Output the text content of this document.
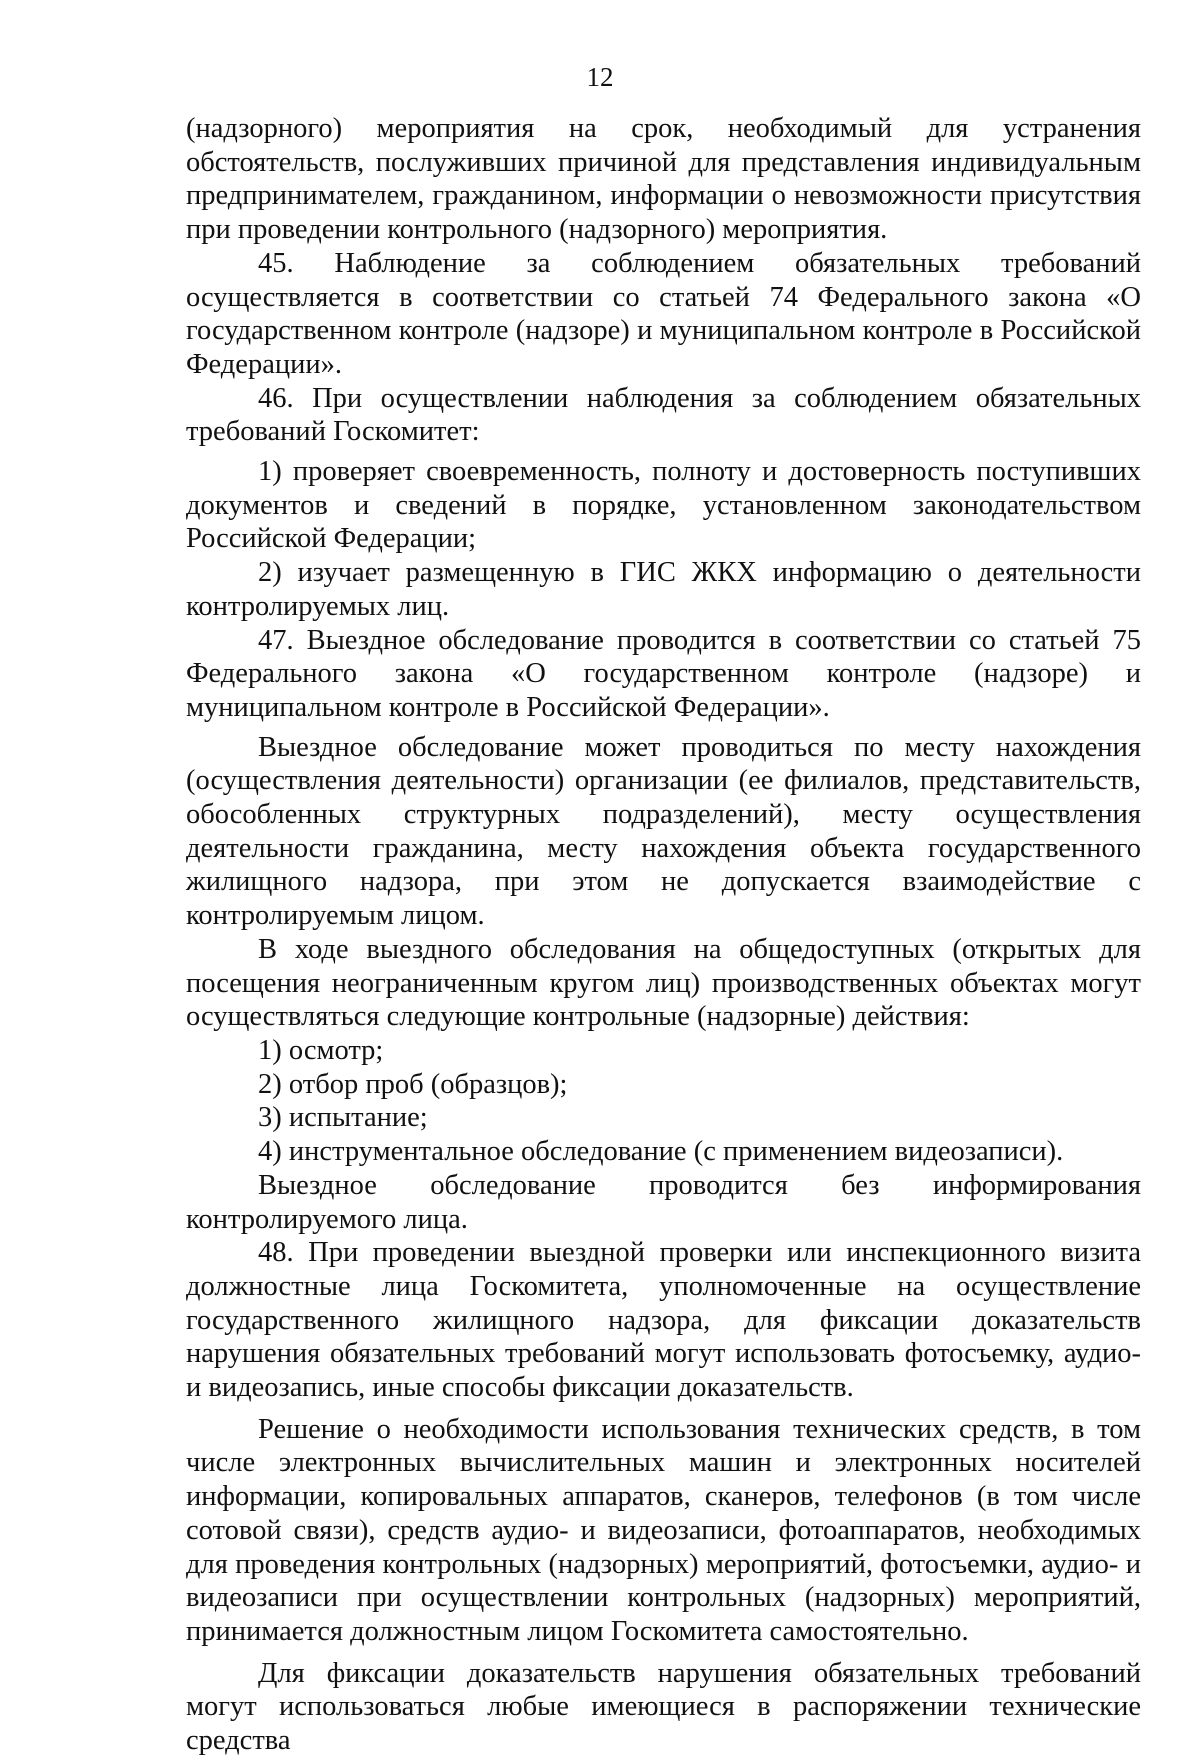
12

(надзорного) мероприятия на срок, необходимый для устранения обстоятельств, послуживших причиной для представления индивидуальным предпринимателем, гражданином, информации о невозможности присутствия при проведении контрольного (надзорного) мероприятия.

45. Наблюдение за соблюдением обязательных требований осуществляется в соответствии со статьей 74 Федерального закона «О государственном контроле (надзоре) и муниципальном контроле в Российской Федерации».

46. При осуществлении наблюдения за соблюдением обязательных требований Госкомитет:

1) проверяет своевременность, полноту и достоверность поступивших документов и сведений в порядке, установленном законодательством Российской Федерации;

2) изучает размещенную в ГИС ЖКХ информацию о деятельности контролируемых лиц.

47. Выездное обследование проводится в соответствии со статьей 75 Федерального закона «О государственном контроле (надзоре) и муниципальном контроле в Российской Федерации».

Выездное обследование может проводиться по месту нахождения (осуществления деятельности) организации (ее филиалов, представительств, обособленных структурных подразделений), месту осуществления деятельности гражданина, месту нахождения объекта государственного жилищного надзора, при этом не допускается взаимодействие с контролируемым лицом.

В ходе выездного обследования на общедоступных (открытых для посещения неограниченным кругом лиц) производственных объектах могут осуществляться следующие контрольные (надзорные) действия:

1) осмотр;

2) отбор проб (образцов);

3) испытание;

4) инструментальное обследование (с применением видеозаписи).

Выездное обследование проводится без информирования контролируемого лица.

48. При проведении выездной проверки или инспекционного визита должностные лица Госкомитета, уполномоченные на осуществление государственного жилищного надзора, для фиксации доказательств нарушения обязательных требований могут использовать фотосъемку, аудио- и видеозапись, иные способы фиксации доказательств.

Решение о необходимости использования технических средств, в том числе электронных вычислительных машин и электронных носителей информации, копировальных аппаратов, сканеров, телефонов (в том числе сотовой связи), средств аудио- и видеозаписи, фотоаппаратов, необходимых для проведения контрольных (надзорных) мероприятий, фотосъемки, аудио- и видеозаписи при осуществлении контрольных (надзорных) мероприятий, принимается должностным лицом Госкомитета самостоятельно.

Для фиксации доказательств нарушения обязательных требований могут использоваться любые имеющиеся в распоряжении технические средства
